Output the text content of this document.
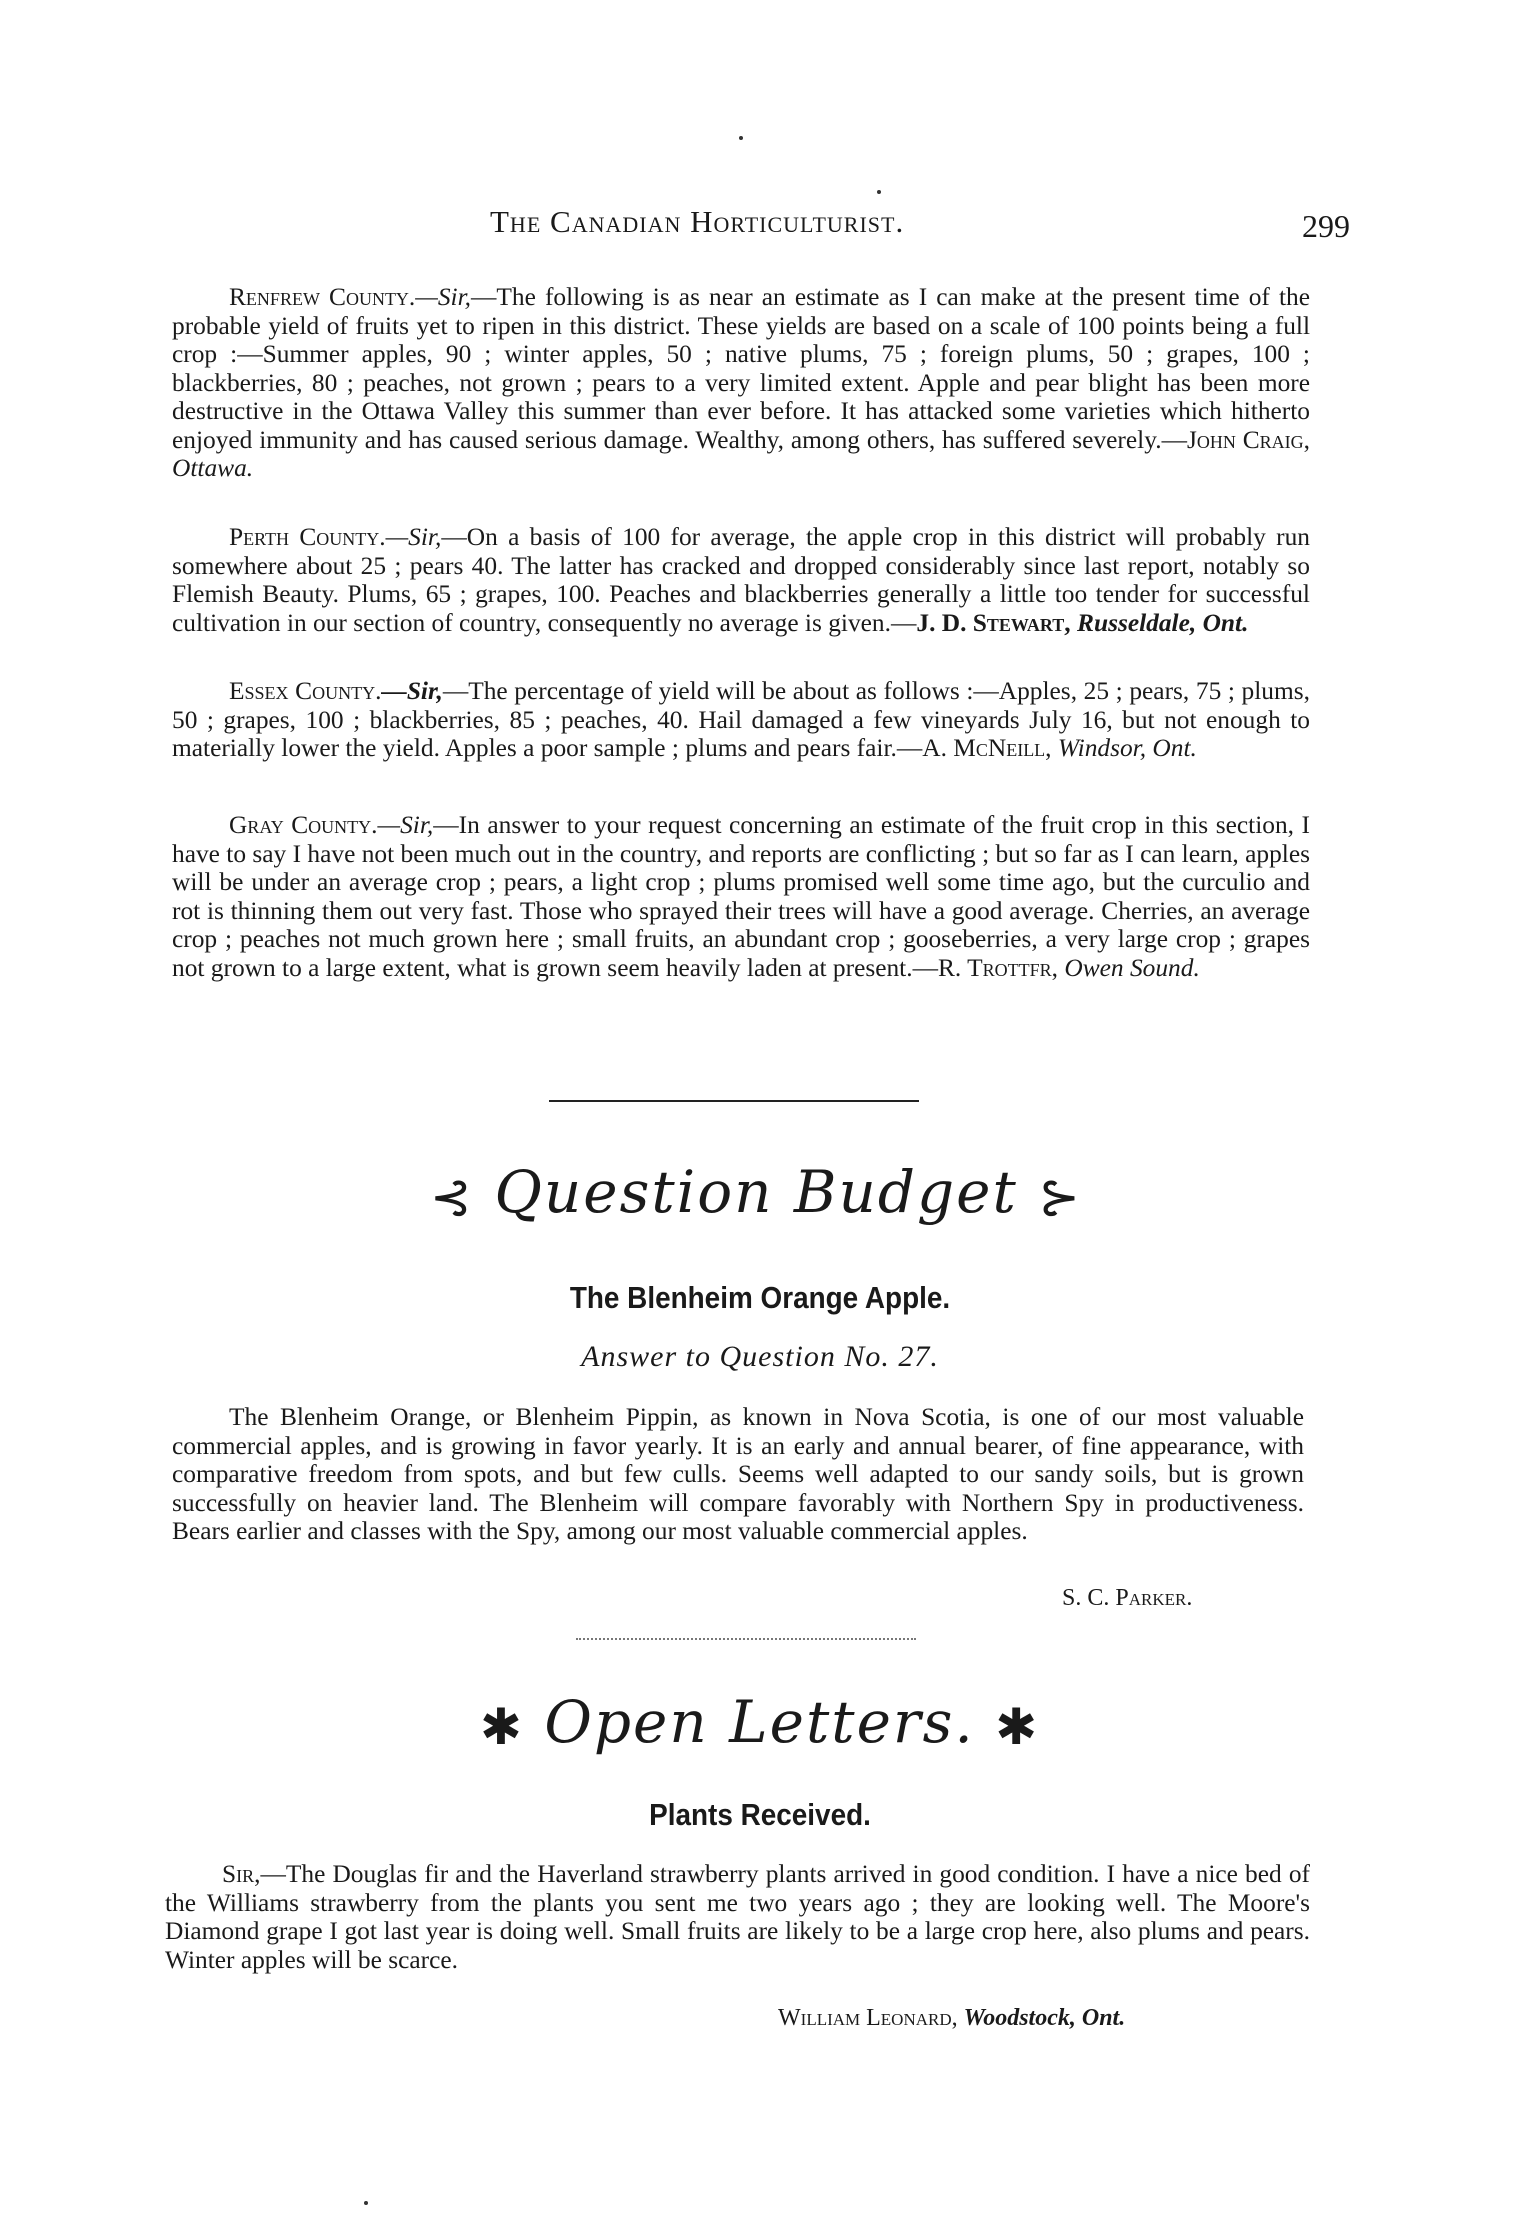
The Canadian Horticulturist.	299

Renfrew County.—Sir,—The following is as near an estimate as I can make at the present time of the probable yield of fruits yet to ripen in this district. These yields are based on a scale of 100 points being a full crop :—Summer apples, 90 ; winter apples, 50 ; native plums, 75 ; foreign plums, 50 ; grapes, 100 ; blackberries, 80 ; peaches, not grown ; pears to a very limited extent. Apple and pear blight has been more destructive in the Ottawa Valley this summer than ever before. It has attacked some varieties which hitherto enjoyed immunity and has caused serious damage. Wealthy, among others, has suffered severely.—John Craig, Ottawa.

Perth County.—Sir,—On a basis of 100 for average, the apple crop in this district will probably run somewhere about 25 ; pears 40. The latter has cracked and dropped considerably since last report, notably so Flemish Beauty. Plums, 65 ; grapes, 100. Peaches and blackberries generally a little too tender for successful cultivation in our section of country, consequently no average is given.—J. D. Stewart, Russeldale, Ont.

Essex County.—Sir,—The percentage of yield will be about as follows :—Apples, 25 ; pears, 75 ; plums, 50 ; grapes, 100 ; blackberries, 85 ; peaches, 40. Hail damaged a few vineyards July 16, but not enough to materially lower the yield. Apples a poor sample ; plums and pears fair.—A. McNeill, Windsor, Ont.

Gray County.—Sir,—In answer to your request concerning an estimate of the fruit crop in this section, I have to say I have not been much out in the country, and reports are conflicting ; but so far as I can learn, apples will be under an average crop ; pears, a light crop ; plums promised well some time ago, but the curculio and rot is thinning them out very fast. Those who sprayed their trees will have a good average. Cherries, an average crop ; peaches not much grown here ; small fruits, an abundant crop ; gooseberries, a very large crop ; grapes not grown to a large extent, what is grown seem heavily laden at present.—R. Trottfr, Owen Sound.

⊰ Question Budget ⊱
The Blenheim Orange Apple.
Answer to Question No. 27.

The Blenheim Orange, or Blenheim Pippin, as known in Nova Scotia, is one of our most valuable commercial apples, and is growing in favor yearly. It is an early and annual bearer, of fine appearance, with comparative freedom from spots, and but few culls. Seems well adapted to our sandy soils, but is grown successfully on heavier land. The Blenheim will compare favorably with Northern Spy in productiveness. Bears earlier and classes with the Spy, among our most valuable commercial apples.

S. C. Parker.
✱ Open Letters. ✱
Plants Received.

Sir,—The Douglas fir and the Haverland strawberry plants arrived in good condition. I have a nice bed of the Williams strawberry from the plants you sent me two years ago ; they are looking well. The Moore's Diamond grape I got last year is doing well. Small fruits are likely to be a large crop here, also plums and pears. Winter apples will be scarce.

William Leonard, Woodstock, Ont.
